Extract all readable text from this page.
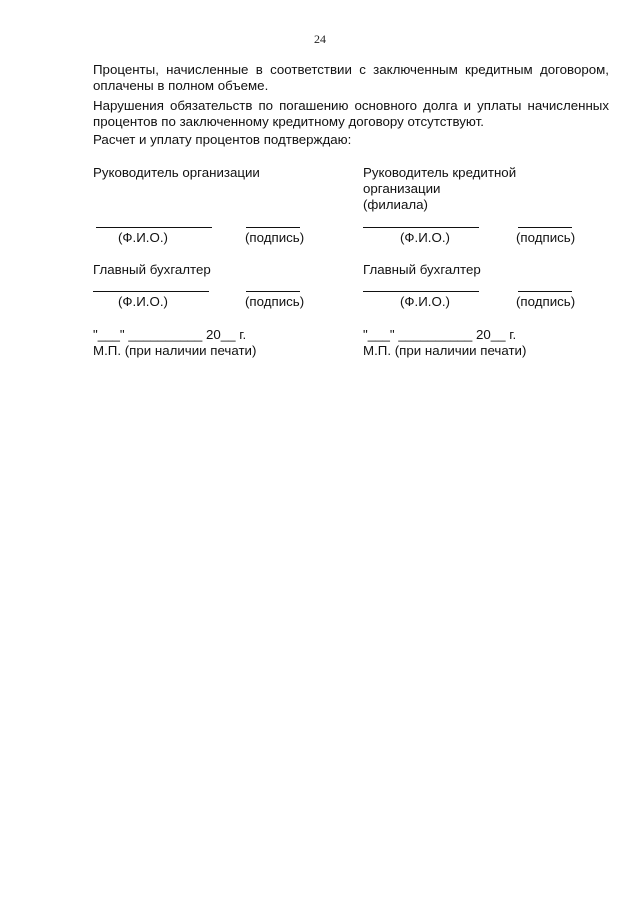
24
Проценты, начисленные в соответствии с заключенным кредитным договором, оплачены в полном объеме.
Нарушения обязательств по погашению основного долга и уплаты начисленных процентов по заключенному кредитному договору отсутствуют.
Расчет и уплату процентов подтверждаю:
Руководитель организации
(Ф.И.О.)	(подпись)
Главный бухгалтер
(Ф.И.О.)	(подпись)
"___" __________ 20__ г.
М.П. (при наличии печати)
Руководитель кредитной
организации
(филиала)
(Ф.И.О.)	(подпись)
Главный бухгалтер
(Ф.И.О.)	(подпись)
"___" __________ 20__ г.
М.П. (при наличии печати)
